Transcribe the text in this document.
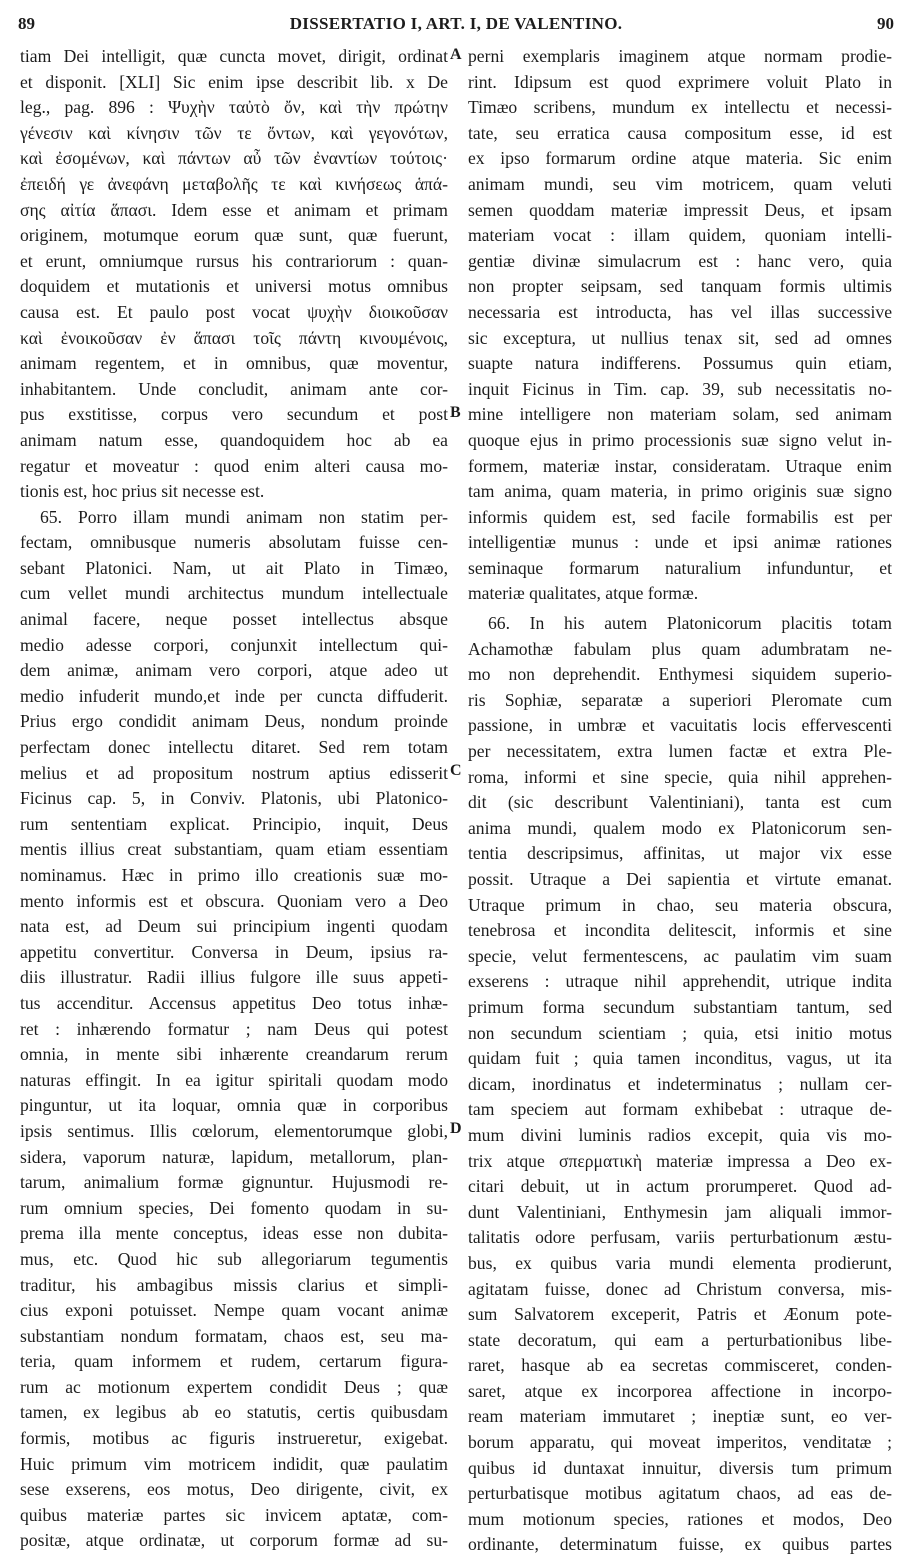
89	DISSERTATIO I, ART. I, DE VALENTINO.	90
tiam Dei intelligit, quæ cuncta movet, dirigit, ordinat
et disponit. [XLI] Sic enim ipse describit lib. x De
leg., pag. 896 : Ψυχὴν ταὐτὸ ὄν, καὶ τὴν πρώτην
γένεσιν καὶ κίνησιν τῶν τε ὄντων, καὶ γεγονότων,
καὶ ἐσομένων, καὶ πάντων αὖ τῶν ἐναντίων τούτοις·
ἐπειδή γε ἀνεφάνη μεταβολῆς τε καὶ κινήσεως ἁπά-
σης αἰτία ἅπασι. Idem esse et animam et primam
originem, motumque eorum quæ sunt, quæ fuerunt,
et erunt, omniumque rursus his contrariorum : quan-
doquidem et mutationis et universi motus omnibus
causa est. Et paulo post vocat ψυχὴν διοικοῦσαν
καὶ ἐνοικοῦσαν ἐν ἅπασι τοῖς πάντη κινουμένοις,
animam regentem, et in omnibus, quæ moventur,
inhabitantem. Unde concludit, animam ante cor-
pus exstitisse, corpus vero secundum et post
animam natum esse, quandoquidem hoc ab ea
regatur et moveatur : quod enim alteri causa mo-
tionis est, hoc prius sit necesse est.
65. Porro illam mundi animam non statim per-
fectam, omnibusque numeris absolutam fuisse cen-
sebant Platonici. Nam, ut ait Plato in Timæo,
cum vellet mundi architectus mundum intellectuale
animal facere, neque posset intellectus absque
medio adesse corpori, conjunxit intellectum qui-
dem animæ, animam vero corpori, atque adeo ut
medio infuderit mundo,et inde per cuncta diffuderit.
Prius ergo condidit animam Deus, nondum proinde
perfectam donec intellectu ditaret. Sed rem totam
melius et ad propositum nostrum aptius edisserit
Ficinus cap. 5, in Conviv. Platonis, ubi Platonico-
rum sententiam explicat. Principio, inquit, Deus
mentis illius creat substantiam, quam etiam essentiam
nominamus. Hæc in primo illo creationis suæ mo-
mento informis est et obscura. Quoniam vero a Deo
nata est, ad Deum sui principium ingenti quodam
appetitu convertitur. Conversa in Deum, ipsius ra-
diis illustratur. Radii illius fulgore ille suus appeti-
tus accenditur. Accensus appetitus Deo totus inhæ-
ret : inhærendo formatur ; nam Deus qui potest
omnia, in mente sibi inhærente creandarum rerum
naturas effingit. In ea igitur spiritali quodam modo
pinguntur, ut ita loquar, omnia quæ in corporibus
ipsis sentimus. Illis cœlorum, elementorumque globi,
sidera, vaporum naturæ, lapidum, metallorum, plan-
tarum, animalium formæ gignuntur. Hujusmodi re-
rum omnium species, Dei fomento quodam in su-
prema illa mente conceptus, ideas esse non dubita-
mus, etc. Quod hic sub allegoriarum tegumentis
traditur, his ambagibus missis clarius et simpli-
cius exponi potuisset. Nempe quam vocant animæ
substantiam nondum formatam, chaos est, seu ma-
teria, quam informem et rudem, certarum figura-
rum ac motionum expertem condidit Deus ; quæ
tamen, ex legibus ab eo statutis, certis quibusdam
formis, motibus ac figuris instrueretur, exigebat.
Huic primum vim motricem indidit, quæ paulatim
sese exserens, eos motus, Deo dirigente, civit, ex
quibus materiæ partes sic invicem aptatæ, com-
positæ, atque ordinatæ, ut corporum formæ ad su-
perni exemplaris imaginem atque normam prodie-
rint. Idipsum est quod exprimere voluit Plato in
Timæo scribens, mundum ex intellectu et necessi-
tate, seu erratica causa compositum esse, id est
ex ipso formarum ordine atque materia. Sic enim
animam mundi, seu vim motricem, quam veluti
semen quoddam materiæ impressit Deus, et ipsam
materiam vocat : illam quidem, quoniam intelli-
gentiæ divinæ simulacrum est : hanc vero, quia
non propter seipsam, sed tanquam formis ultimis
necessaria est introducta, has vel illas successive
sic exceptura, ut nullius tenax sit, sed ad omnes
suapte natura indifferens. Possumus quin etiam,
inquit Ficinus in Tim. cap. 39, sub necessitatis no-
mine intelligere non materiam solam, sed animam
quoque ejus in primo processionis suæ signo velut in-
formem, materiæ instar, consideratam. Utraque enim
tam anima, quam materia, in primo originis suæ signo
informis quidem est, sed facile formabilis est per
intelligentiæ munus : unde et ipsi animæ rationes
seminaque formarum naturalium infunduntur, et
materiæ qualitates, atque formæ.
66. In his autem Platonicorum placitis totam
Achamothæ fabulam plus quam adumbratam ne-
mo non deprehendit. Enthymesi siquidem superio-
ris Sophiæ, separatæ a superiori Pleromate cum
passione, in umbræ et vacuitatis locis effervescenti
per necessitatem, extra lumen factæ et extra Ple-
roma, informi et sine specie, quia nihil apprehen-
dit (sic describunt Valentiniani), tanta est cum
anima mundi, qualem modo ex Platonicorum sen-
tentia descripsimus, affinitas, ut major vix esse
possit. Utraque a Dei sapientia et virtute emanat.
Utraque primum in chao, seu materia obscura,
tenebrosa et incondita delitescit, informis et sine
specie, velut fermentescens, ac paulatim vim suam
exserens : utraque nihil apprehendit, utrique indita
primum forma secundum substantiam tantum, sed
non secundum scientiam ; quia, etsi initio motus
quidam fuit ; quia tamen inconditus, vagus, ut ita
dicam, inordinatus et indeterminatus ; nullam cer-
tam speciem aut formam exhibebat : utraque de-
mum divini luminis radios excepit, quia vis mo-
trix atque σπερματικὴ materiæ impressa a Deo ex-
citari debuit, ut in actum prorumperet. Quod ad-
dunt Valentiniani, Enthymesin jam aliquali immor-
talitatis odore perfusam, variis perturbationum æstu-
bus, ex quibus varia mundi elementa prodierunt,
agitatam fuisse, donec ad Christum conversa, mis-
sum Salvatorem exceperit, Patris et Æonum pote-
state decoratum, qui eam a perturbationibus libe-
raret, hasque ab ea secretas commisceret, conden-
saret, atque ex incorporea affectione in incorpo-
ream materiam immutaret ; ineptiæ sunt, eo ver-
borum apparatu, qui moveat imperitos, venditatæ ;
quibus id duntaxat innuitur, diversis tum primum
perturbatisque motibus agitatum chaos, ad eas de-
mum motionum species, rationes et modos, Deo
ordinante, determinatum fuisse, ex quibus partes
A
B
C
D
